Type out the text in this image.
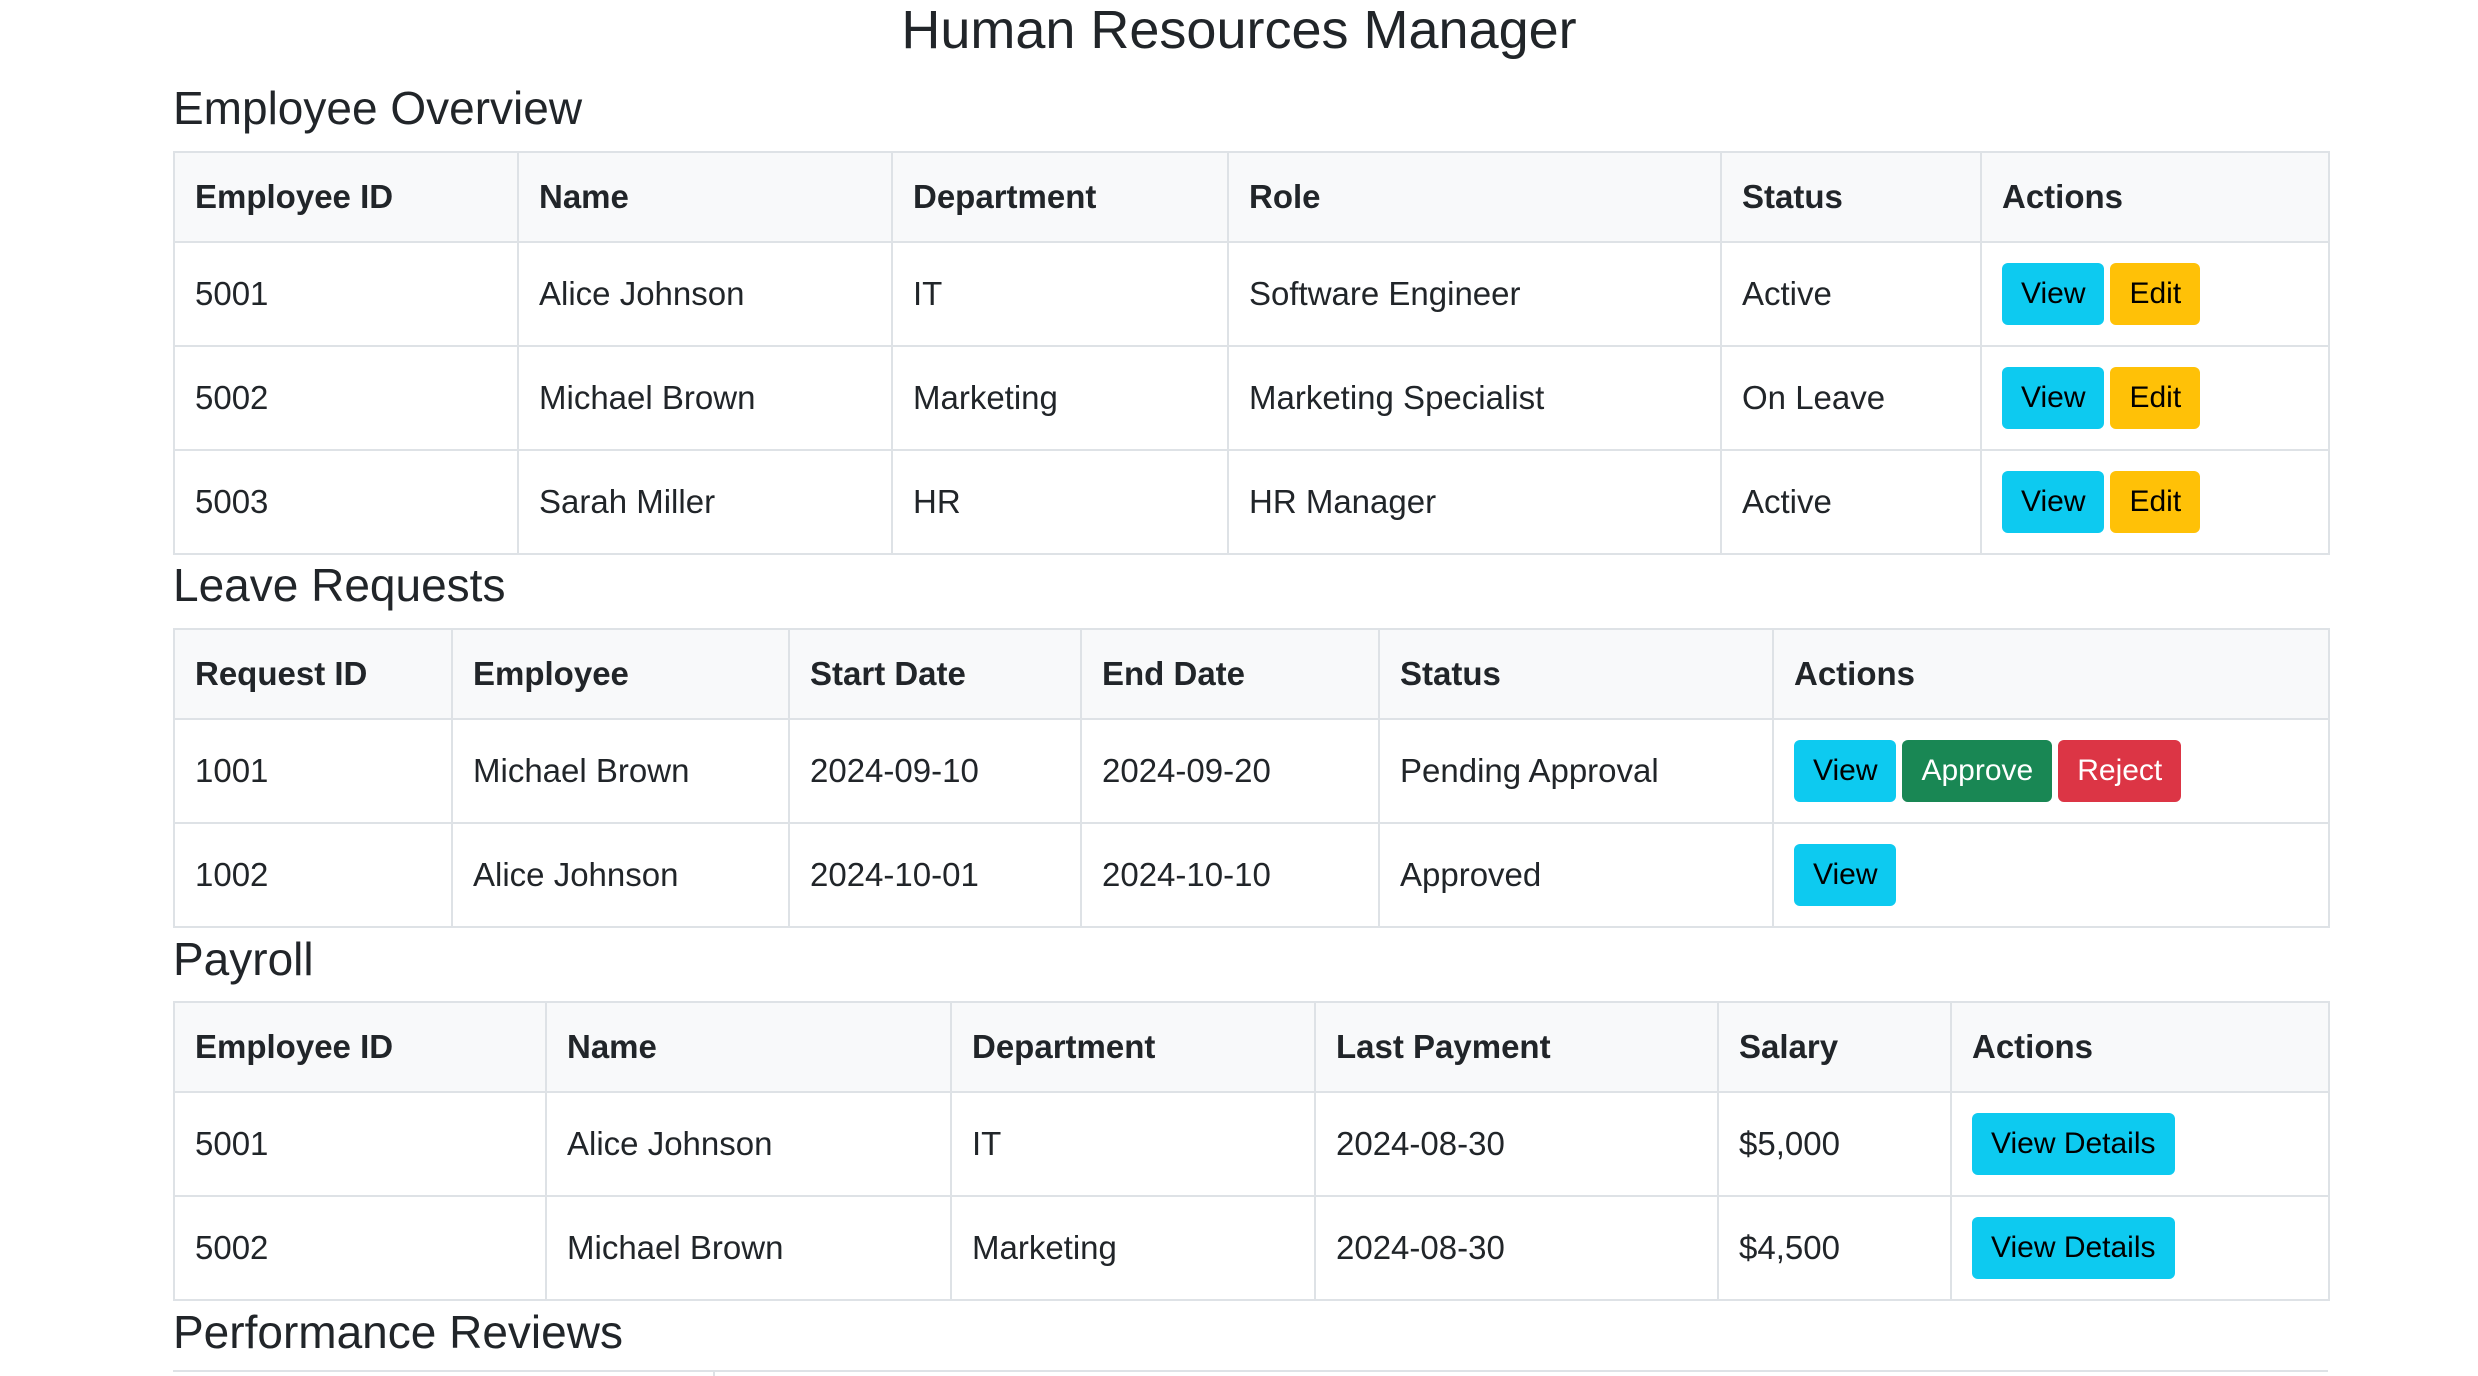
Human Resources Manager
Employee Overview
Employee ID	Name	Department	Role	Status	Actions
5001	Alice Johnson	IT	Software Engineer	Active	View Edit
5002	Michael Brown	Marketing	Marketing Specialist	On Leave	View Edit
5003	Sarah Miller	HR	HR Manager	Active	View Edit
Leave Requests
Request ID	Employee	Start Date	End Date	Status	Actions
1001	Michael Brown	2024-09-10	2024-09-20	Pending Approval	View Approve Reject
1002	Alice Johnson	2024-10-01	2024-10-10	Approved	View
Payroll
Employee ID	Name	Department	Last Payment	Salary	Actions
5001	Alice Johnson	IT	2024-08-30	$5,000	View Details
5002	Michael Brown	Marketing	2024-08-30	$4,500	View Details
Performance Reviews
